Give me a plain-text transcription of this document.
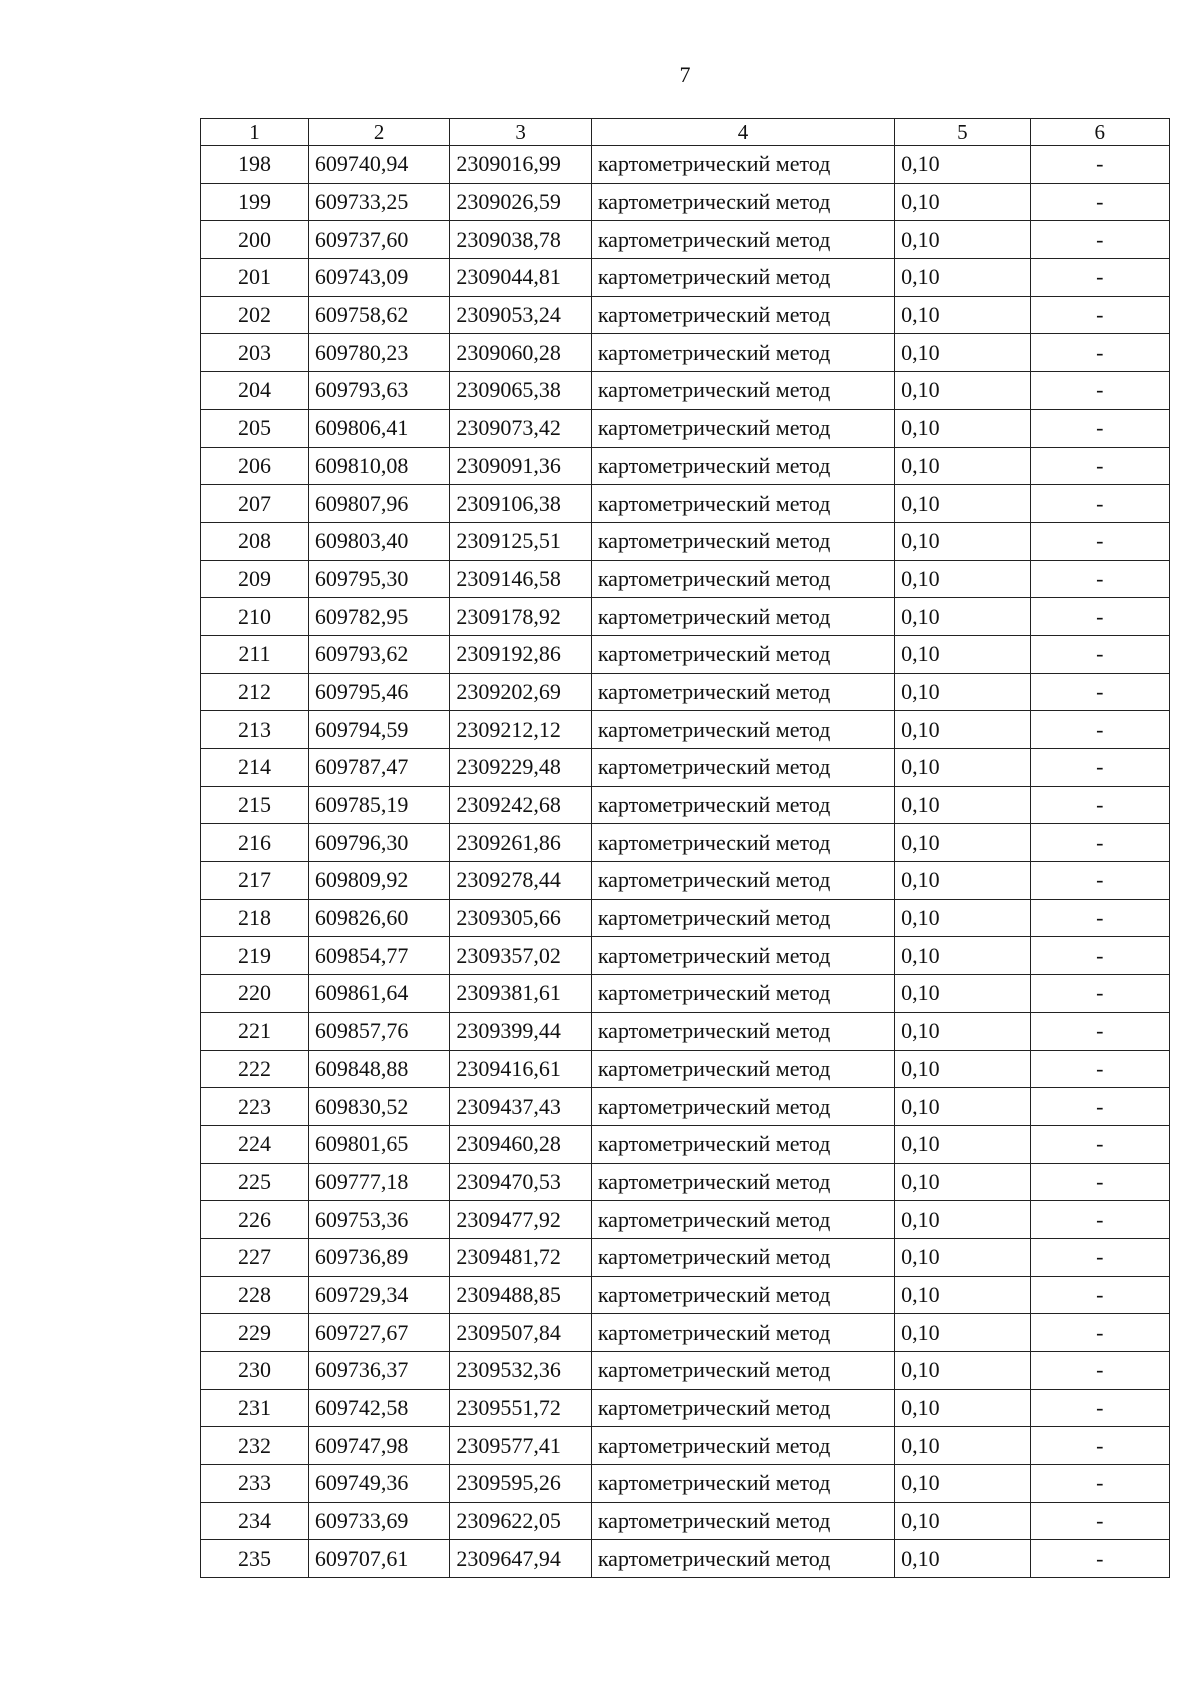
7
1	2	3	4	5	6
198	609740,94	2309016,99	картометрический метод	0,10	-
199	609733,25	2309026,59	картометрический метод	0,10	-
200	609737,60	2309038,78	картометрический метод	0,10	-
201	609743,09	2309044,81	картометрический метод	0,10	-
202	609758,62	2309053,24	картометрический метод	0,10	-
203	609780,23	2309060,28	картометрический метод	0,10	-
204	609793,63	2309065,38	картометрический метод	0,10	-
205	609806,41	2309073,42	картометрический метод	0,10	-
206	609810,08	2309091,36	картометрический метод	0,10	-
207	609807,96	2309106,38	картометрический метод	0,10	-
208	609803,40	2309125,51	картометрический метод	0,10	-
209	609795,30	2309146,58	картометрический метод	0,10	-
210	609782,95	2309178,92	картометрический метод	0,10	-
211	609793,62	2309192,86	картометрический метод	0,10	-
212	609795,46	2309202,69	картометрический метод	0,10	-
213	609794,59	2309212,12	картометрический метод	0,10	-
214	609787,47	2309229,48	картометрический метод	0,10	-
215	609785,19	2309242,68	картометрический метод	0,10	-
216	609796,30	2309261,86	картометрический метод	0,10	-
217	609809,92	2309278,44	картометрический метод	0,10	-
218	609826,60	2309305,66	картометрический метод	0,10	-
219	609854,77	2309357,02	картометрический метод	0,10	-
220	609861,64	2309381,61	картометрический метод	0,10	-
221	609857,76	2309399,44	картометрический метод	0,10	-
222	609848,88	2309416,61	картометрический метод	0,10	-
223	609830,52	2309437,43	картометрический метод	0,10	-
224	609801,65	2309460,28	картометрический метод	0,10	-
225	609777,18	2309470,53	картометрический метод	0,10	-
226	609753,36	2309477,92	картометрический метод	0,10	-
227	609736,89	2309481,72	картометрический метод	0,10	-
228	609729,34	2309488,85	картометрический метод	0,10	-
229	609727,67	2309507,84	картометрический метод	0,10	-
230	609736,37	2309532,36	картометрический метод	0,10	-
231	609742,58	2309551,72	картометрический метод	0,10	-
232	609747,98	2309577,41	картометрический метод	0,10	-
233	609749,36	2309595,26	картометрический метод	0,10	-
234	609733,69	2309622,05	картометрический метод	0,10	-
235	609707,61	2309647,94	картометрический метод	0,10	-
